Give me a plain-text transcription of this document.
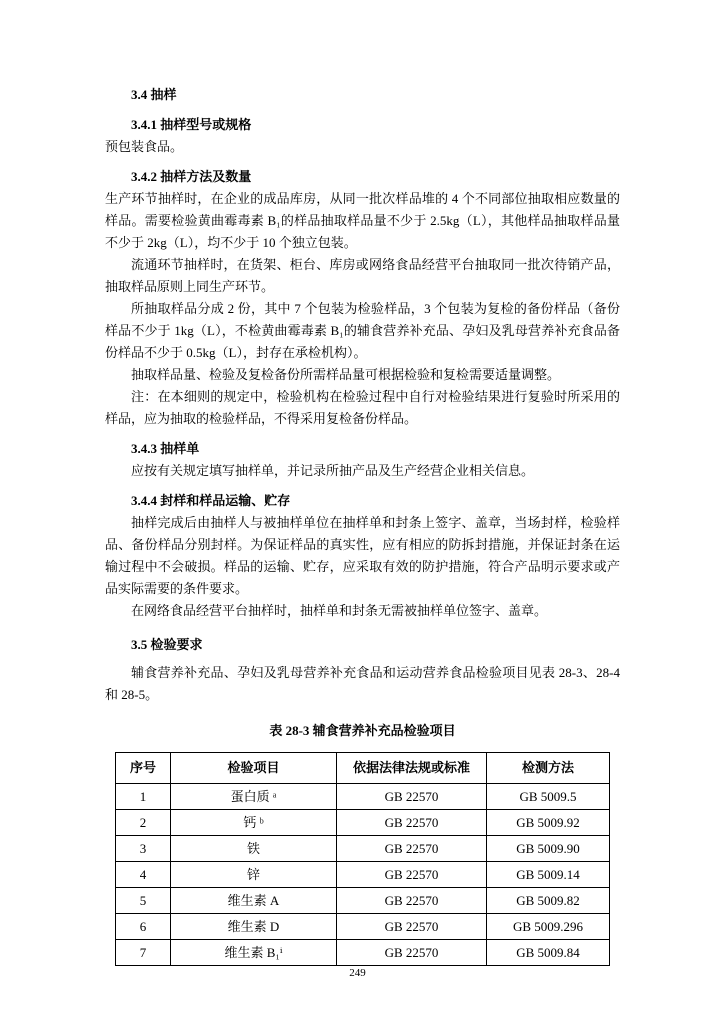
3.4 抽样
3.4.1 抽样型号或规格

预包装食品。

3.4.2 抽样方法及数量

生产环节抽样时，在企业的成品库房，从同一批次样品堆的 4 个不同部位抽取相应数量的样品。需要检验黄曲霉毒素 B₁的样品抽取样品量不少于 2.5kg（L），其他样品抽取样品量不少于 2kg（L），均不少于 10 个独立包装。

流通环节抽样时，在货架、柜台、库房或网络食品经营平台抽取同一批次待销产品，抽取样品原则上同生产环节。

所抽取样品分成 2 份，其中 7 个包装为检验样品，3 个包装为复检的备份样品（备份样品不少于 1kg（L），不检黄曲霉毒素 B₁的辅食营养补充品、孕妇及乳母营养补充食品备份样品不少于 0.5kg（L），封存在承检机构）。

抽取样品量、检验及复检备份所需样品量可根据检验和复检需要适量调整。

注：在本细则的规定中，检验机构在检验过程中自行对检验结果进行复验时所采用的样品，应为抽取的检验样品，不得采用复检备份样品。

3.4.3 抽样单

应按有关规定填写抽样单，并记录所抽产品及生产经营企业相关信息。

3.4.4 封样和样品运输、贮存

抽样完成后由抽样人与被抽样单位在抽样单和封条上签字、盖章，当场封样，检验样品、备份样品分别封样。为保证样品的真实性，应有相应的防拆封措施，并保证封条在运输过程中不会破损。样品的运输、贮存，应采取有效的防护措施，符合产品明示要求或产品实际需要的条件要求。

在网络食品经营平台抽样时，抽样单和封条无需被抽样单位签字、盖章。

3.5 检验要求

辅食营养补充品、孕妇及乳母营养补充食品和运动营养食品检验项目见表 28-3、28-4 和 28-5。

表 28-3 辅食营养补充品检验项目
序号	检验项目	依据法律法规或标准	检测方法
1	蛋白质 ᵃ	GB 22570	GB 5009.5
2	钙 ᵇ	GB 22570	GB 5009.92
3	铁	GB 22570	GB 5009.90
4	锌	GB 22570	GB 5009.14
5	维生素 A	GB 22570	GB 5009.82
6	维生素 D	GB 22570	GB 5009.296
7	维生素 B₁ⁱ	GB 22570	GB 5009.84
249
